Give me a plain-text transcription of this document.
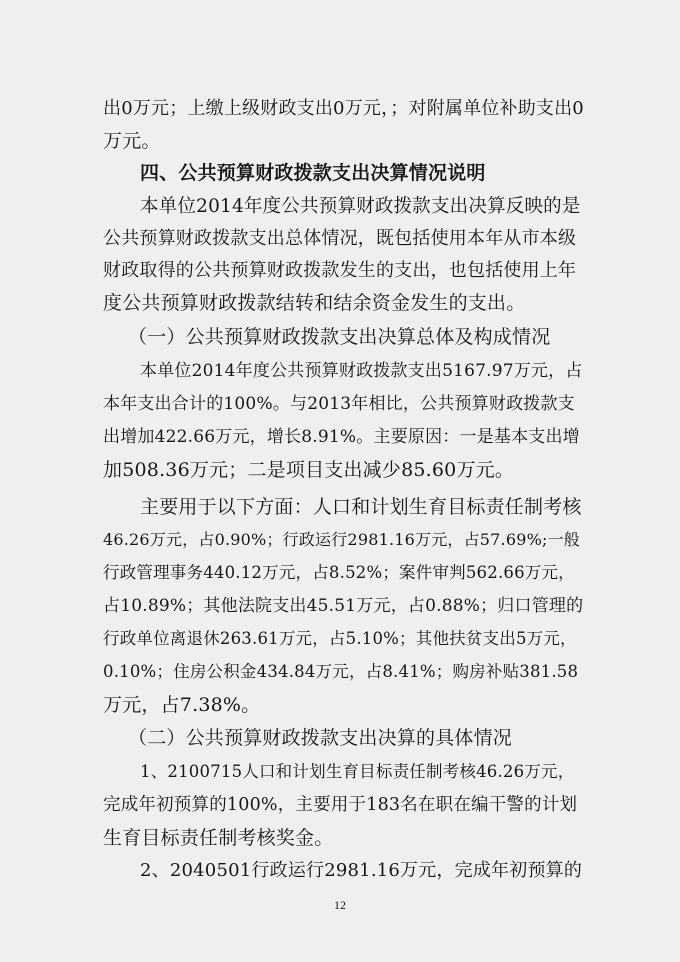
出0万元；上缴上级财政支出0万元，；对附属单位补助支出0
万元。
四、公共预算财政拨款支出决算情况说明
本单位2014年度公共预算财政拨款支出决算反映的是
公共预算财政拨款支出总体情况，既包括使用本年从市本级
财政取得的公共预算财政拨款发生的支出，也包括使用上年
度公共预算财政拨款结转和结余资金发生的支出。
（一）公共预算财政拨款支出决算总体及构成情况
本单位2014年度公共预算财政拨款支出5167.97万元，占
本年支出合计的100%。与2013年相比，公共预算财政拨款支
出增加422.66万元，增长8.91%。主要原因：一是基本支出增
加508.36万元；二是项目支出减少85.60万元。
主要用于以下方面：人口和计划生育目标责任制考核
46.26万元，占0.90%；行政运行2981.16万元，占57.69%;一般
行政管理事务440.12万元，占8.52%；案件审判562.66万元，
占10.89%；其他法院支出45.51万元，占0.88%；归口管理的
行政单位离退休263.61万元，占5.10%；其他扶贫支出5万元，
0.10%；住房公积金434.84万元，占8.41%；购房补贴381.58
万元，占7.38%。
（二）公共预算财政拨款支出决算的具体情况
1、2100715人口和计划生育目标责任制考核46.26万元，
完成年初预算的100%，主要用于183名在职在编干警的计划
生育目标责任制考核奖金。
2、2040501行政运行2981.16万元，完成年初预算的
12
